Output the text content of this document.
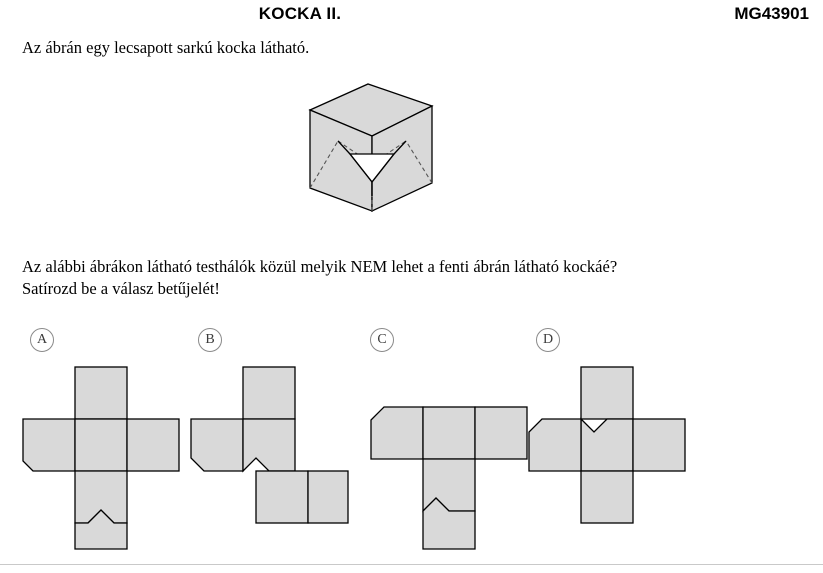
KOCKA II.	MG43901
Az ábrán egy lecsapott sarkú kocka látható.
Az alábbi ábrákon látható testhálók közül melyik NEM lehet a fenti ábrán látható kockáé?
Satírozd be a válasz betűjelét!
A	B	C	D
